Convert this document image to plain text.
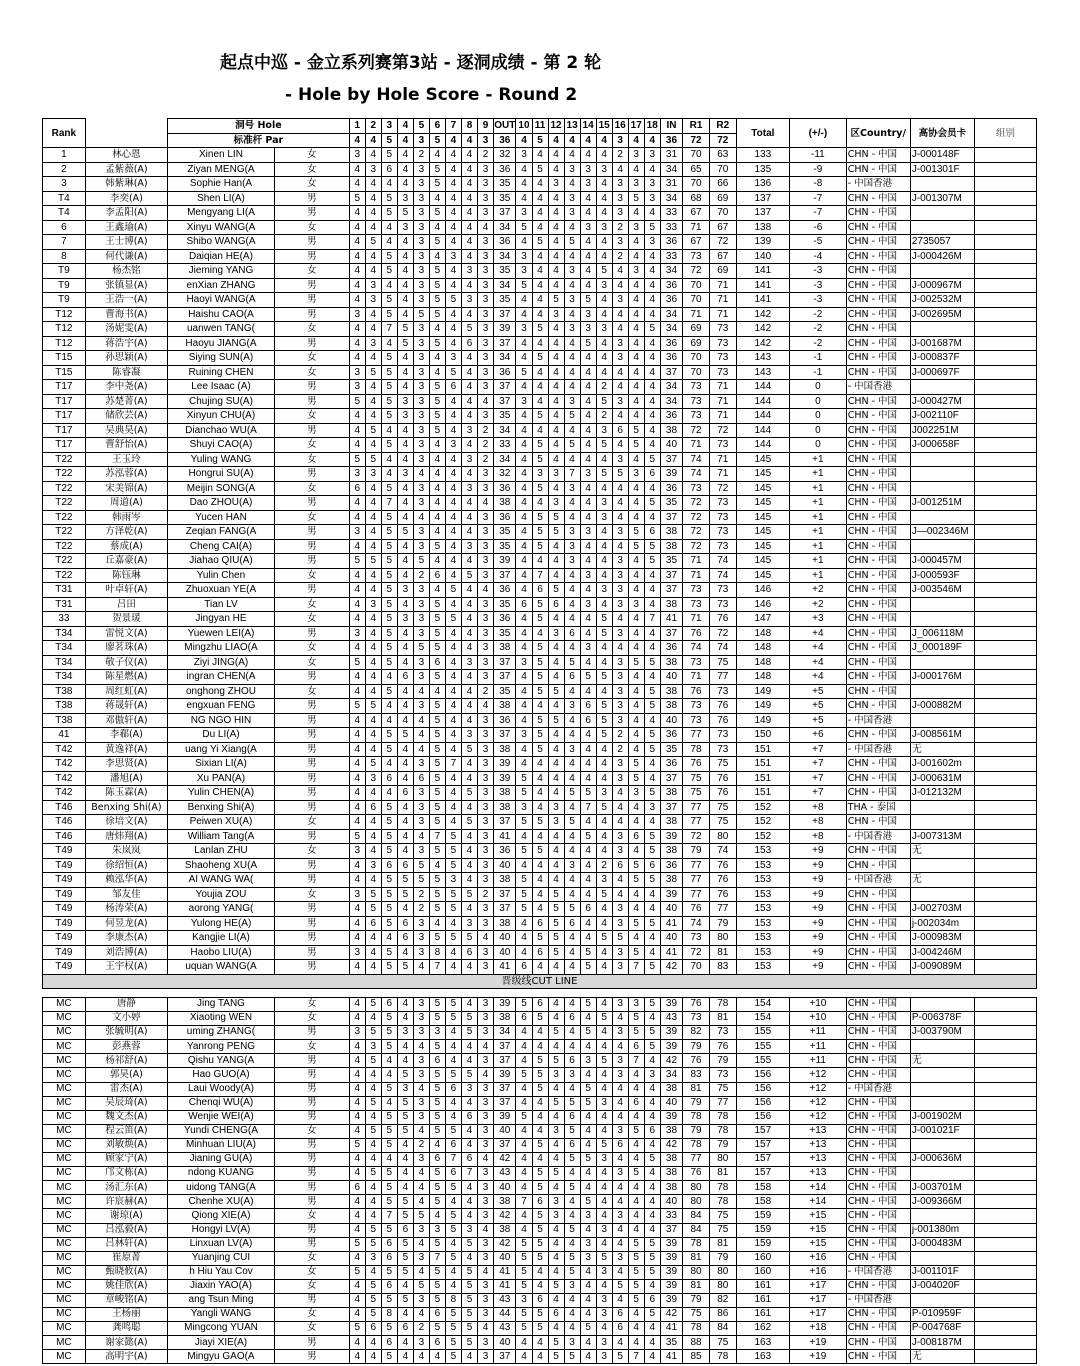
起点中巡 - 金立系列赛第3站 - 逐洞成绩 - 第 2 轮
- Hole by Hole Score - Round 2
Rank		洞号 Hole		1	2	3	4	5	6	7	8	9	OUT	10	11	12	13	14	15	16	17	18	IN	R1	R2	Total	(+/-)	区Country/	高协会员卡	组别
		标准杆 Par		4	4	5	4	3	5	4	4	3	36	4	5	4	4	4	4	3	4	4	36	72	72					
1	林心恩	Xinen LIN	女	3	4	5	4	2	4	4	4	2	32	3	4	4	4	4	4	2	3	3	31	70	63	133	-11	CHN - 中国	J-000148F	
2	孟紫薇(A)	Ziyan MENG(A	女	4	3	6	4	3	5	4	4	3	36	4	5	4	3	3	3	4	4	4	34	65	70	135	-9	CHN - 中国	J-001301F	
3	韩紫琳(A)	Sophie Han(A	女	4	4	4	4	3	5	4	4	3	35	4	4	3	4	3	4	3	3	3	31	70	66	136	-8	- 中国香港		
T4	李奕(A)	Shen LI(A)	男	5	4	5	3	3	4	4	4	3	35	4	4	4	3	4	4	3	5	3	34	68	69	137	-7	CHN - 中国	J-001307M	
T4	李孟阳(A)	Mengyang LI(A	男	4	4	5	5	3	5	4	4	3	37	3	4	4	3	4	4	3	4	4	33	67	70	137	-7	CHN - 中国		
6	王鑫瑜(A)	Xinyu WANG(A	女	4	4	4	3	3	4	4	4	4	34	5	4	4	4	3	3	2	3	5	33	71	67	138	-6	CHN - 中国		
7	王士博(A)	Shibo WANG(A	男	4	5	4	4	3	5	4	4	3	36	4	5	4	5	4	4	3	4	3	36	67	72	139	-5	CHN - 中国	2735057	
8	何代谦(A)	Daiqian HE(A)	男	4	4	5	4	3	4	3	4	3	34	3	4	4	4	4	4	2	4	4	33	73	67	140	-4	CHN - 中国	J-000426M	
T9	杨杰铭	Jieming YANG	女	4	4	5	4	3	5	4	3	3	35	3	4	4	3	4	5	4	3	4	34	72	69	141	-3	CHN - 中国		
T9	张镇显(A)	enXian ZHANG	男	4	3	4	4	3	5	4	4	3	34	5	4	4	4	4	3	4	4	4	36	70	71	141	-3	CHN - 中国	J-000967M	
T9	王浩一(A)	Haoyi WANG(A	男	4	3	5	4	3	5	5	3	3	35	4	4	5	3	5	4	3	4	4	36	70	71	141	-3	CHN - 中国	J-002532M	
T12	曹海书(A)	Haishu CAO(A	男	3	4	5	4	5	5	4	4	3	37	4	4	3	4	3	4	4	4	4	34	71	71	142	-2	CHN - 中国	J-002695M	
T12	汤妮雯(A)	uanwen TANG(	女	4	4	7	5	3	4	4	5	3	39	3	5	4	3	3	3	4	4	5	34	69	73	142	-2	CHN - 中国		
T12	蒋浩宇(A)	Haoyu JIANG(A	男	4	3	4	5	3	5	4	6	3	37	4	4	4	4	5	4	3	4	4	36	69	73	142	-2	CHN - 中国	J-001687M	
T15	孙思颖(A)	Siying SUN(A)	女	4	4	5	4	3	4	3	4	3	34	4	5	4	4	4	4	3	4	4	36	70	73	143	-1	CHN - 中国	J-000837F	
T15	陈睿凝	Ruining CHEN	女	3	5	5	4	3	4	5	4	3	36	5	4	4	4	4	4	4	4	4	37	70	73	143	-1	CHN - 中国	J-000697F	
T17	李中尧(A)	Lee Isaac (A)	男	3	4	5	4	3	5	6	4	3	37	4	4	4	4	4	2	4	4	4	34	73	71	144	0	- 中国香港		
T17	苏楚菁(A)	Chujing SU(A)	男	5	4	5	3	3	5	4	4	4	37	3	4	4	3	4	5	3	4	4	34	73	71	144	0	CHN - 中国	J-000427M	
T17	储欣芸(A)	Xinyun CHU(A)	女	4	4	5	3	3	5	4	4	3	35	4	5	4	5	4	2	4	4	4	36	73	71	144	0	CHN - 中国	J-002110F	
T17	吴典昊(A)	Dianchao WU(A	男	4	5	4	4	3	5	4	3	2	34	4	4	4	4	4	3	6	5	4	38	72	72	144	0	CHN - 中国	J002251M	
T17	曹舒怡(A)	Shuyi CAO(A)	女	4	4	5	4	3	4	3	4	2	33	4	5	4	5	4	5	4	5	4	40	71	73	144	0	CHN - 中国	J-000658F	
T22	王玉玲	Yuling WANG	女	5	5	4	4	3	4	4	3	2	34	4	5	4	4	4	4	3	4	5	37	74	71	145	+1	CHN - 中国		
T22	苏泓蓉(A)	Hongrui SU(A)	男	3	3	4	3	4	4	4	4	3	32	4	3	3	7	3	5	5	3	6	39	74	71	145	+1	CHN - 中国		
T22	宋美锦(A)	Meijin SONG(A	女	6	4	5	4	3	4	4	3	3	36	4	5	4	3	4	4	4	4	4	36	73	72	145	+1	CHN - 中国		
T22	周道(A)	Dao ZHOU(A)	男	4	4	7	4	3	4	4	4	4	38	4	4	3	4	4	3	4	4	5	35	72	73	145	+1	CHN - 中国	J-001251M	
T22	韩雨岑	Yucen HAN	女	4	4	5	4	4	4	4	4	3	36	4	5	5	4	4	3	4	4	4	37	72	73	145	+1	CHN - 中国		
T22	方泽乾(A)	Zeqian FANG(A	男	3	4	5	5	3	4	4	4	3	35	4	5	5	3	3	4	3	5	6	38	72	73	145	+1	CHN - 中国	J—002346M	
T22	蔡成(A)	Cheng CAI(A)	男	4	4	5	4	3	5	4	3	3	35	4	5	4	3	4	4	4	5	5	38	72	73	145	+1	CHN - 中国		
T22	丘嘉豪(A)	Jiahao QIU(A)	男	5	5	5	4	5	4	4	4	3	39	4	4	4	3	4	4	3	4	5	35	71	74	145	+1	CHN - 中国	J-000457M	
T22	陈钰琳	Yulin Chen	女	4	4	5	4	2	6	4	5	3	37	4	7	4	4	3	4	3	4	4	37	71	74	145	+1	CHN - 中国	J-000593F	
T31	叶卓轩(A)	Zhuoxuan YE(A	男	4	4	5	3	3	4	5	4	4	36	4	6	5	4	4	3	3	4	4	37	73	73	146	+2	CHN - 中国	J-003546M	
T31	吕田	Tian LV	女	4	3	5	4	3	5	4	4	3	35	6	5	6	4	3	4	3	3	4	38	73	73	146	+2	CHN - 中国		
33	贺景瑗	Jingyan HE	女	4	4	5	3	3	5	5	4	3	36	4	5	4	4	4	5	4	4	7	41	71	76	147	+3	CHN - 中国		
T34	雷悦文(A)	Yuewen LEI(A)	男	3	4	5	4	3	5	4	4	3	35	4	4	3	6	4	5	3	4	4	37	76	72	148	+4	CHN - 中国	J_006118M	
T34	廖茗珠(A)	Mingzhu LIAO(A	女	4	4	5	4	5	5	4	4	3	38	4	5	4	4	3	4	4	4	4	36	74	74	148	+4	CHN - 中国	J_000189F	
T34	敬子仪(A)	Ziyi JING(A)	女	5	4	5	4	3	6	4	3	3	37	3	5	4	5	4	4	3	5	5	38	73	75	148	+4	CHN - 中国		
T34	陈星燃(A)	ingran CHEN(A	男	4	4	4	6	3	5	4	4	3	37	4	5	4	6	5	5	3	4	4	40	71	77	148	+4	CHN - 中国	J-000176M	
T38	周红虹(A)	onghong ZHOU	女	4	4	5	4	4	4	4	4	2	35	4	5	5	4	4	4	3	4	5	38	76	73	149	+5	CHN - 中国		
T38	蒋晟轩(A)	engxuan FENG	男	5	5	4	4	3	5	4	4	4	38	4	4	4	3	6	5	3	4	5	38	73	76	149	+5	CHN - 中国	J-000882M	
T38	邓傲轩(A)	NG NGO HIN	男	4	4	4	4	4	5	4	4	3	36	4	5	5	4	6	5	3	4	4	40	73	76	149	+5	- 中国香港		
41	李郗(A)	Du LI(A)	男	4	4	5	5	4	5	4	3	3	37	3	5	4	4	4	5	2	4	5	36	77	73	150	+6	CHN - 中国	J-008561M	
T42	黄逸祥(A)	uang Yi Xiang(A	男	4	4	5	4	4	5	4	5	3	38	4	5	4	3	4	4	2	4	5	35	78	73	151	+7	- 中国香港	无	
T42	李思贤(A)	Sixian LI(A)	男	4	5	4	4	3	5	7	4	3	39	4	4	4	4	4	4	3	5	4	36	76	75	151	+7	CHN - 中国	J-001602m	
T42	潘旭(A)	Xu PAN(A)	男	4	3	6	4	6	5	4	4	3	39	5	4	4	4	4	4	3	5	4	37	75	76	151	+7	CHN - 中国	J-000631M	
T42	陈玉霖(A)	Yulin CHEN(A)	男	4	4	4	6	3	5	4	5	3	38	5	4	4	5	5	3	4	3	5	38	75	76	151	+7	CHN - 中国	J-012132M	
T46	Benxing Shi(A)	Benxing Shi(A)	男	4	6	5	4	3	5	4	4	3	38	3	4	3	4	7	5	4	4	3	37	77	75	152	+8	THA - 泰国		
T46	徐培文(A)	Peiwen XU(A)	女	4	4	5	4	3	5	4	5	3	37	5	5	3	5	4	4	4	4	4	38	77	75	152	+8	CHN - 中国		
T46	唐炜翔(A)	William Tang(A	男	5	4	5	4	4	7	5	4	3	41	4	4	4	4	5	4	3	6	5	39	72	80	152	+8	- 中国香港	J-007313M	
T49	朱岚岚	Lanlan ZHU	女	3	4	5	4	3	5	5	4	3	36	5	5	4	4	4	4	3	4	5	38	79	74	153	+9	CHN - 中国	无	
T49	徐绍恒(A)	Shaoheng XU(A	男	4	3	6	6	5	4	5	4	3	40	4	4	4	3	4	2	6	5	6	36	77	76	153	+9	CHN - 中国		
T49	赖泓华(A)	AI WANG WA(	男	4	4	5	5	5	5	3	4	3	38	5	4	4	4	4	3	4	5	5	38	77	76	153	+9	- 中国香港	无	
T49	邹友佳	Youjia ZOU	女	3	5	5	5	2	5	5	5	2	37	5	4	5	4	4	5	4	4	4	39	77	76	153	+9	CHN - 中国		
T49	杨涛荣(A)	aorong YANG(	男	4	5	5	4	2	5	5	4	3	37	5	4	5	5	6	4	3	4	4	40	76	77	153	+9	CHN - 中国	J-002703M	
T49	何昱龙(A)	Yulong HE(A)	男	4	6	5	6	3	4	4	3	3	38	4	6	5	6	4	4	3	5	5	41	74	79	153	+9	CHN - 中国	j-002034m	
T49	李康杰(A)	Kangjie LI(A)	男	4	4	4	6	3	5	5	5	4	40	4	5	5	4	4	5	5	4	4	40	73	80	153	+9	CHN - 中国	J-000983M	
T49	刘浩博(A)	Haobo LIU(A)	男	3	4	5	4	3	8	4	6	3	40	4	6	5	4	5	4	3	5	4	41	72	81	153	+9	CHN - 中国	J-004246M	
T49	王宇权(A)	uquan WANG(A	男	4	4	5	5	4	7	4	4	3	41	6	4	4	4	5	4	3	7	5	42	70	83	153	+9	CHN - 中国	J-009089M	
晋级线CUT LINE																														

MC	唐静	Jing TANG	女	4	5	6	4	3	5	5	4	3	39	5	6	4	4	5	4	3	3	5	39	76	78	154	+10	CHN - 中国		
MC	文小婷	Xiaoting WEN	女	4	4	5	4	3	5	5	5	3	38	6	5	4	6	4	5	4	5	4	43	73	81	154	+10	CHN - 中国	P-006378F	
MC	张毓明(A)	uming ZHANG(	男	3	5	5	3	3	3	4	5	3	34	4	4	5	4	5	4	3	5	5	39	82	73	155	+11	CHN - 中国	J-003790M	
MC	彭燕蓉	Yanrong PENG	女	4	3	5	4	4	5	4	4	4	37	4	4	4	4	4	4	4	6	5	39	79	76	155	+11	CHN - 中国		
MC	杨祁舒(A)	Qishu YANG(A	男	4	5	4	4	3	6	4	4	3	37	4	5	5	6	3	5	3	7	4	42	76	79	155	+11	CHN - 中国	无	
MC	郭昊(A)	Hao GUO(A)	男	4	4	4	5	3	5	5	5	4	39	5	5	3	3	4	4	3	4	3	34	83	73	156	+12	CHN - 中国		
MC	雷杰(A)	Laui Woody(A)	男	4	4	5	3	4	5	6	3	3	37	4	5	4	4	5	4	4	4	4	38	81	75	156	+12	- 中国香港		
MC	吴辰琦(A)	Chenqi WU(A)	男	4	5	4	5	3	5	4	4	3	37	4	4	5	5	5	3	4	6	4	40	79	77	156	+12	CHN - 中国		
MC	魏文杰(A)	Wenjie WEI(A)	男	4	4	5	5	3	5	4	6	3	39	5	4	4	6	4	4	4	4	4	39	78	78	156	+12	CHN - 中国	J-001902M	
MC	程云笛(A)	Yundi CHENG(A	女	4	5	5	5	4	5	5	4	3	40	4	4	3	5	4	4	3	5	6	38	79	78	157	+13	CHN - 中国	J-001021F	
MC	刘敏焕(A)	Minhuan LIU(A)	男	5	4	5	4	2	4	6	4	3	37	4	5	4	6	4	5	6	4	4	42	78	79	157	+13	CHN - 中国		
MC	顾家宁(A)	Jianing GU(A)	男	4	4	4	4	3	6	7	6	4	42	4	4	4	5	5	3	4	4	5	38	77	80	157	+13	CHN - 中国	J-000636M	
MC	邝文栋(A)	ndong KUANG	男	4	5	5	4	4	5	6	7	3	43	4	5	5	4	4	4	3	5	4	38	76	81	157	+13	CHN - 中国		
MC	汤汇东(A)	uidong TANG(A	男	6	4	5	4	4	5	5	4	3	40	4	5	4	5	4	4	4	4	4	38	80	78	158	+14	CHN - 中国	J-003701M	
MC	许宸赫(A)	Chenhe XU(A)	男	4	4	5	5	4	5	4	4	3	38	7	6	3	4	5	4	4	4	4	40	80	78	158	+14	CHN - 中国	J-009366M	
MC	谢琼(A)	Qiong XIE(A)	女	4	4	7	5	5	4	5	4	3	42	4	5	3	4	3	4	3	4	4	33	84	75	159	+15	CHN - 中国		
MC	吕泓毅(A)	Hongyi LV(A)	男	4	5	5	6	3	3	5	3	4	38	4	5	4	5	4	3	4	4	4	37	84	75	159	+15	CHN - 中国	j-001380m	
MC	吕林轩(A)	Linxuan LV(A)	男	5	5	6	5	4	5	4	5	3	42	5	5	4	4	3	4	4	5	5	39	78	81	159	+15	CHN - 中国	J-000483M	
MC	崔原菁	Yuanjing CUI	女	4	3	6	5	3	7	5	4	3	40	5	5	4	5	3	5	3	5	5	39	81	79	160	+16	CHN - 中国		
MC	甄晓攸(A)	h Hiu Yau Cov	女	5	4	5	5	4	5	4	5	4	41	5	4	4	5	4	3	4	5	5	39	80	80	160	+16	- 中国香港	J-001101F	
MC	姚佳欣(A)	Jiaxin YAO(A)	女	4	5	6	4	5	5	4	5	3	41	5	4	5	3	4	4	5	5	4	39	81	80	161	+17	CHN - 中国	J-004020F	
MC	章峻铭(A)	ang Tsun Ming	男	4	5	5	5	3	5	8	5	3	43	3	6	4	4	4	3	4	5	6	39	79	82	161	+17	- 中国香港		
MC	王杨丽	Yangli WANG	女	4	5	8	4	4	6	5	5	3	44	5	5	6	4	4	3	6	4	5	42	75	86	161	+17	CHN - 中国	P-010959F	
MC	龚鸣聪	Mingcong YUAN	女	5	6	5	6	2	5	5	5	4	43	5	5	4	4	5	4	6	4	4	41	78	84	162	+18	CHN - 中国	P-004768F	
MC	谢家懿(A)	Jiayi XIE(A)	男	4	4	6	4	3	6	5	5	3	40	4	4	5	3	4	3	4	4	4	35	88	75	163	+19	CHN - 中国	J-008187M	
MC	高明宇(A)	Mingyu GAO(A	男	4	4	5	4	4	4	5	4	3	37	4	4	5	5	4	3	5	7	4	41	85	78	163	+19	CHN - 中国	无	
